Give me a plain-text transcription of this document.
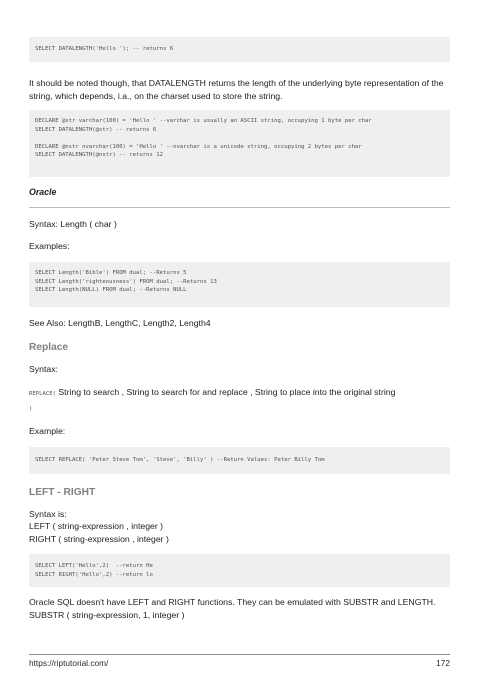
SELECT DATALENGTH('Hello '); -- returns 6

It should be noted though, that DATALENGTH returns the length of the underlying byte representation of the string, which depends, i.a., on the charset used to store the string.

DECLARE @str varchar(100) = 'Hello ' --varchar is usually an ASCII string, occupying 1 byte per char
SELECT DATALENGTH(@str) -- returns 6

DECLARE @nstr nvarchar(100) = 'Hello ' --nvarchar is a unicode string, occupying 2 bytes per char
SELECT DATALENGTH(@nstr) -- returns 12

Oracle

Syntax: Length ( char )

Examples:

SELECT Length('Bible') FROM dual; --Returns 5
SELECT Length('righteousness') FROM dual; --Returns 13
SELECT Length(NULL) FROM dual; --Returns NULL

See Also: LengthB, LengthC, Length2, Length4

Replace

Syntax:

REPLACE( String to search , String to search for and replace , String to place into the original string
)

Example:

SELECT REPLACE( 'Peter Steve Tom', 'Steve', 'Billy' ) --Return Values: Peter Billy Tom

LEFT - RIGHT

Syntax is:

LEFT ( string-expression , integer )

RIGHT ( string-expression , integer )

SELECT LEFT('Hello',2)  --return He
SELECT RIGHT('Hello',2) --return lo

Oracle SQL doesn't have LEFT and RIGHT functions. They can be emulated with SUBSTR and LENGTH.

SUBSTR ( string-expression, 1, integer )

https://riptutorial.com/	172
